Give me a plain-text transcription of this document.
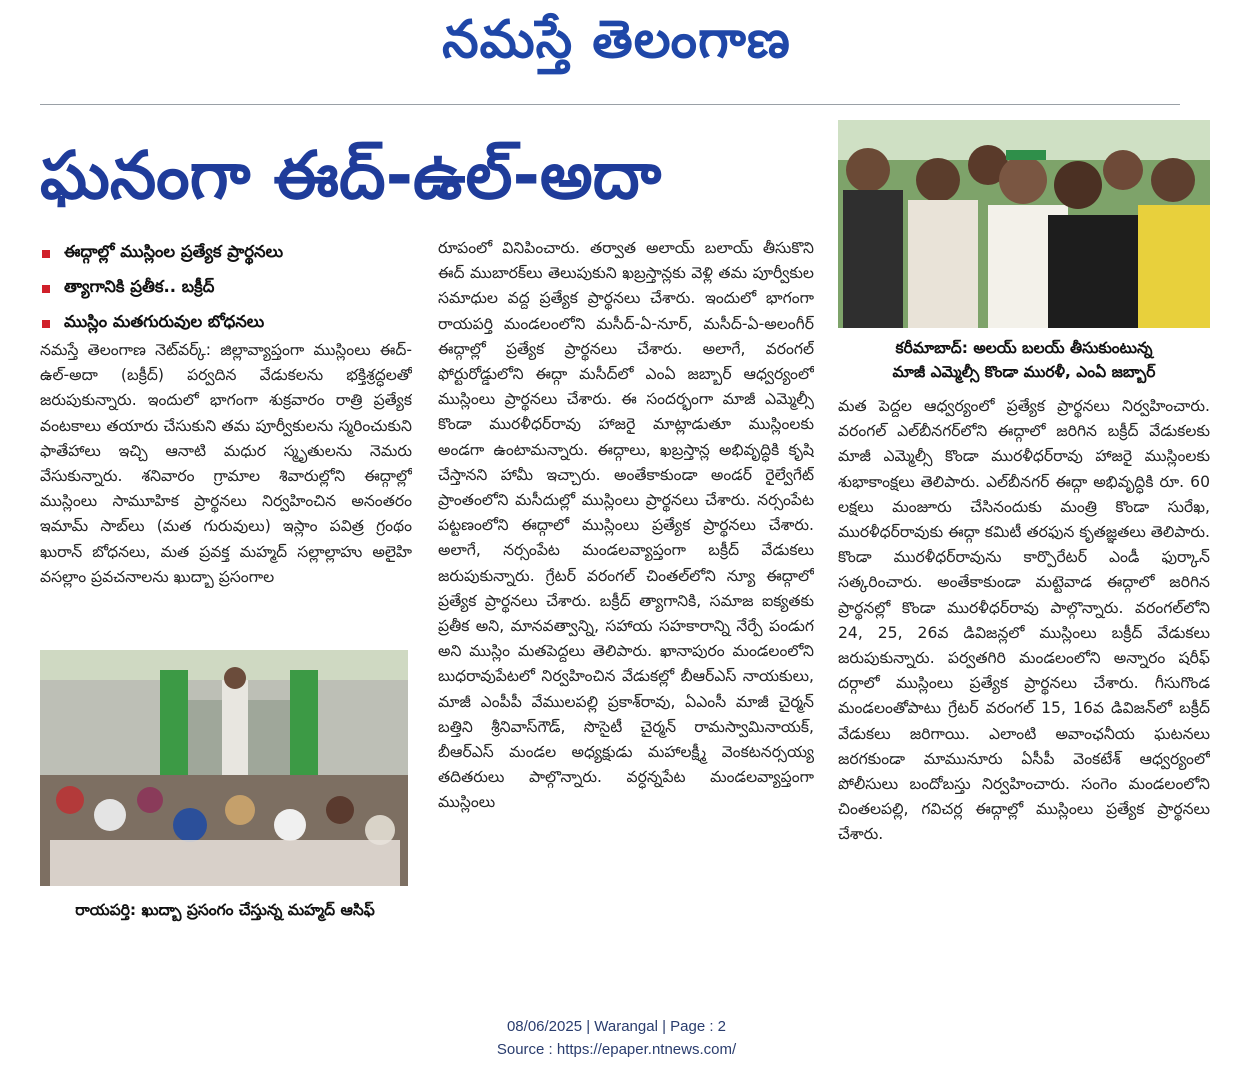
నమస్తే తెలంగాణ
ఘనంగా ఈద్-ఉల్-అదా
ఈద్గాల్లో ముస్లింల ప్రత్యేక ప్రార్థనలు
త్యాగానికి ప్రతీక.. బక్రీద్
ముస్లిం మతగురువుల బోధనలు
నమస్తే తెలంగాణ నెట్‌వర్క్: జిల్లావ్యాప్తంగా ముస్లింలు ఈద్-ఉల్-అదా (బక్రీద్) పర్వదిన వేడుకలను భక్తిశ్రద్ధలతో జరుపుకున్నారు. ఇందులో భాగంగా శుక్రవారం రాత్రి ప్రత్యేక వంటకాలు తయారు చేసుకుని తమ పూర్వీకులను స్మరించుకుని ఫాతేహాలు ఇచ్చి ఆనాటి మధుర స్మృతులను నెమరు వేసుకున్నారు. శనివారం గ్రామాల శివారుల్లోని ఈద్గాల్లో ముస్లింలు సామూహిక ప్రార్థనలు నిర్వహించిన అనంతరం ఇమామ్ సాబ్‌లు (మత గురువులు) ఇస్లాం పవిత్ర గ్రంథం ఖురాన్ బోధనలు, మత ప్రవక్త మహ్మద్ సల్లాల్లాహు అలైహి వసల్లాం ప్రవచనాలను ఖుద్బా ప్రసంగాల
రాయపర్తి: ఖుద్బా ప్రసంగం చేస్తున్న మహ్మద్ ఆసిఫ్
రూపంలో వినిపించారు. తర్వాత అలాయ్ బలాయ్ తీసుకొని ఈద్ ముబారక్‌లు తెలుపుకుని ఖబ్రస్తాన్లకు వెళ్లి తమ పూర్వీకుల సమాధుల వద్ద ప్రత్యేక ప్రార్థనలు చేశారు. ఇందులో భాగంగా రాయపర్తి మండలంలోని మసీద్-ఏ-నూర్, మసీద్-ఏ-అలంగీర్ ఈద్గాల్లో ప్రత్యేక ప్రార్థనలు చేశారు. అలాగే, వరంగల్ ఫోర్టురోడ్డులోని ఈద్గా మసీద్‌లో ఎంఏ జబ్బార్ ఆధ్వర్యంలో ముస్లింలు ప్రార్థనలు చేశారు. ఈ సందర్భంగా మాజీ ఎమ్మెల్సీ కొండా మురళీధర్‌రావు హాజరై మాట్లాడుతూ ముస్లింలకు అండగా ఉంటామన్నారు. ఈద్గాలు, ఖబ్రస్తాన్ల అభివృద్ధికి కృషి చేస్తానని హామీ ఇచ్చారు. అంతేకాకుండా అండర్ రైల్వేగేట్ ప్రాంతంలోని మసీదుల్లో ముస్లింలు ప్రార్థనలు చేశారు. నర్సంపేట పట్టణంలోని ఈద్గాలో ముస్లింలు ప్రత్యేక ప్రార్థనలు చేశారు. అలాగే, నర్సంపేట మండలవ్యాప్తంగా బక్రీద్ వేడుకలు జరుపుకున్నారు. గ్రేటర్ వరంగల్ చింతల్‌లోని న్యూ ఈద్గాలో ప్రత్యేక ప్రార్థనలు చేశారు. బక్రీద్ త్యాగానికి, సమాజ ఐక్యతకు ప్రతీక అని, మానవత్వాన్ని, సహాయ సహకారాన్ని నేర్పే పండుగ అని ముస్లిం మతపెద్దలు తెలిపారు. ఖానాపురం మండలంలోని బుధరావుపేటలో నిర్వహించిన వేడుకల్లో బీఆర్‌ఎస్ నాయకులు, మాజీ ఎంపీపీ వేములపల్లి ప్రకాశ్‌రావు, ఏఎంసీ మాజీ చైర్మన్ బత్తిని శ్రీనివాస్‌గౌడ్, సొసైటీ చైర్మన్ రామస్వామినాయక్, బీఆర్‌ఎస్ మండల అధ్యక్షుడు మహాలక్ష్మీ వెంకటనర్సయ్య తదితరులు పాల్గొన్నారు. వర్ధన్నపేట మండలవ్యాప్తంగా ముస్లింలు
కరీమాబాద్: అలయ్ బలయ్ తీసుకుంటున్న
మాజీ ఎమ్మెల్సీ కొండా మురళీ, ఎంఏ జబ్బార్
మత పెద్దల ఆధ్వర్యంలో ప్రత్యేక ప్రార్థనలు నిర్వహించారు. వరంగల్ ఎల్‌బీనగర్‌లోని ఈద్గాలో జరిగిన బక్రీద్ వేడుకలకు మాజీ ఎమ్మెల్సీ కొండా మురళీధర్‌రావు హాజరై ముస్లింలకు శుభాకాంక్షలు తెలిపారు. ఎల్‌బీనగర్ ఈద్గా అభివృద్ధికి రూ. 60 లక్షలు మంజూరు చేసినందుకు మంత్రి కొండా సురేఖ, మురళీధర్‌రావుకు ఈద్గా కమిటీ తరఫున కృతజ్ఞతలు తెలిపారు. కొండా మురళీధర్‌రావును కార్పొరేటర్ ఎండీ ఫుర్కాన్ సత్కరించారు. అంతేకాకుండా మట్టెవాడ ఈద్గాలో జరిగిన ప్రార్థనల్లో కొండా మురళీధర్‌రావు పాల్గొన్నారు. వరంగల్‌లోని 24, 25, 26వ డివిజన్లలో ముస్లింలు బక్రీద్ వేడుకలు జరుపుకున్నారు. పర్వతగిరి మండలంలోని అన్నారం షరీఫ్ దర్గాలో ముస్లింలు ప్రత్యేక ప్రార్థనలు చేశారు. గీసుగొండ మండలంతోపాటు గ్రేటర్ వరంగల్ 15, 16వ డివిజన్‌లో బక్రీద్ వేడుకలు జరిగాయి. ఎలాంటి అవాంఛనీయ ఘటనలు జరగకుండా మామునూరు ఏసీపీ వెంకటేశ్ ఆధ్వర్యంలో పోలీసులు బందోబస్తు నిర్వహించారు. సంగెం మండలంలోని చింతలపల్లి, గవిచర్ల ఈద్గాల్లో ముస్లింలు ప్రత్యేక ప్రార్థనలు చేశారు.
08/06/2025 | Warangal | Page : 2
Source : https://epaper.ntnews.com/
